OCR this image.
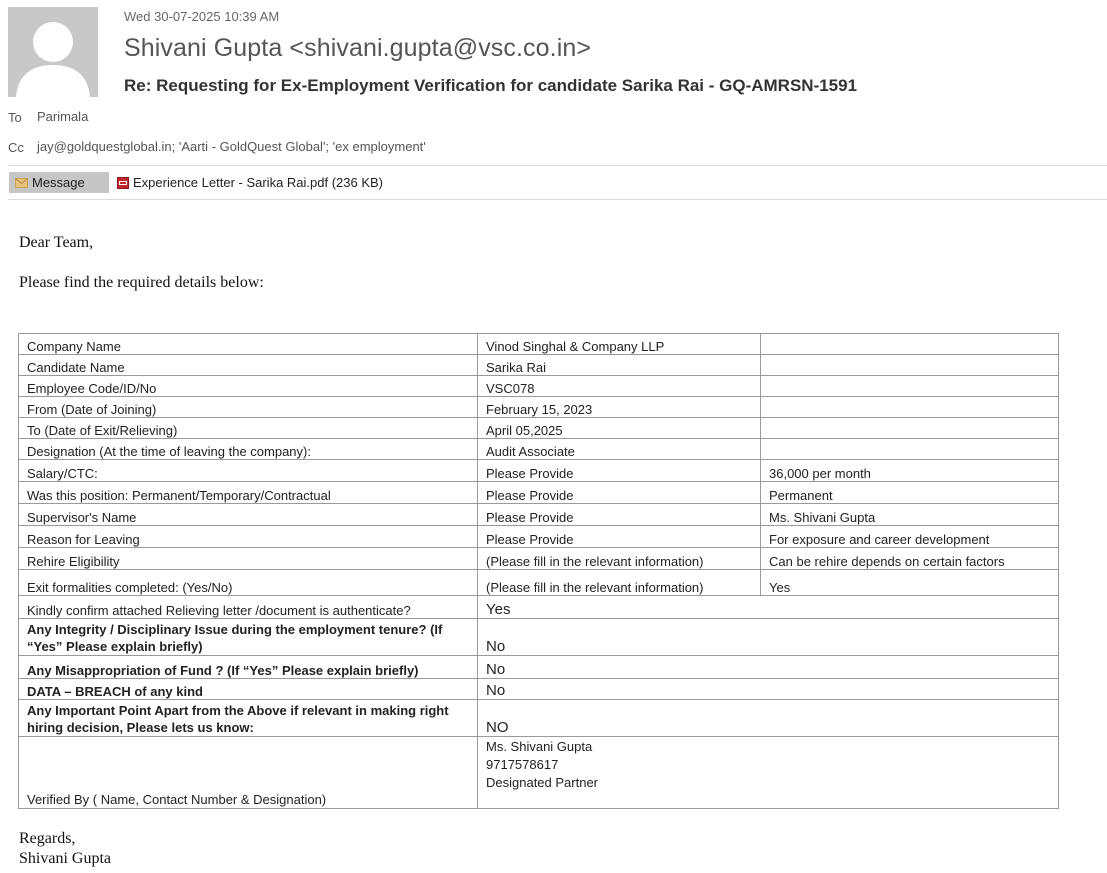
Wed 30-07-2025 10:39 AM
Shivani Gupta <shivani.gupta@vsc.co.in>
Re: Requesting for Ex-Employment Verification for candidate Sarika Rai - GQ-AMRSN-1591
To Parimala
Cc jay@goldquestglobal.in; 'Aarti - GoldQuest Global'; 'ex employment'
Message	Experience Letter - Sarika Rai.pdf (236 KB)
Dear Team,
Please find the required details below:
Company Name	Vinod Singhal & Company LLP	
Candidate Name	Sarika Rai	
Employee Code/ID/No	VSC078	
From (Date of Joining)	February 15, 2023	
To (Date of Exit/Relieving)	April 05,2025	
Designation (At the time of leaving the company):	Audit Associate	
Salary/CTC:	Please Provide	36,000 per month
Was this position: Permanent/Temporary/Contractual	Please Provide	Permanent
Supervisor's Name	Please Provide	Ms. Shivani Gupta
Reason for Leaving	Please Provide	For exposure and career development
Rehire Eligibility	(Please fill in the relevant information)	Can be rehire depends on certain factors
Exit formalities completed: (Yes/No)	(Please fill in the relevant information)	Yes
Kindly confirm attached Relieving letter /document is authenticate?	Yes	
Any Integrity / Disciplinary Issue during the employment tenure? (If “Yes” Please explain briefly)	No	
Any Misappropriation of Fund ? (If “Yes” Please explain briefly)	No	
DATA – BREACH of any kind	No	
Any Important Point Apart from the Above if relevant in making right hiring decision, Please lets us know:	NO	
Verified By ( Name, Contact Number & Designation)	Ms. Shivani Gupta
9717578617
Designated Partner	
Regards,
Shivani Gupta
